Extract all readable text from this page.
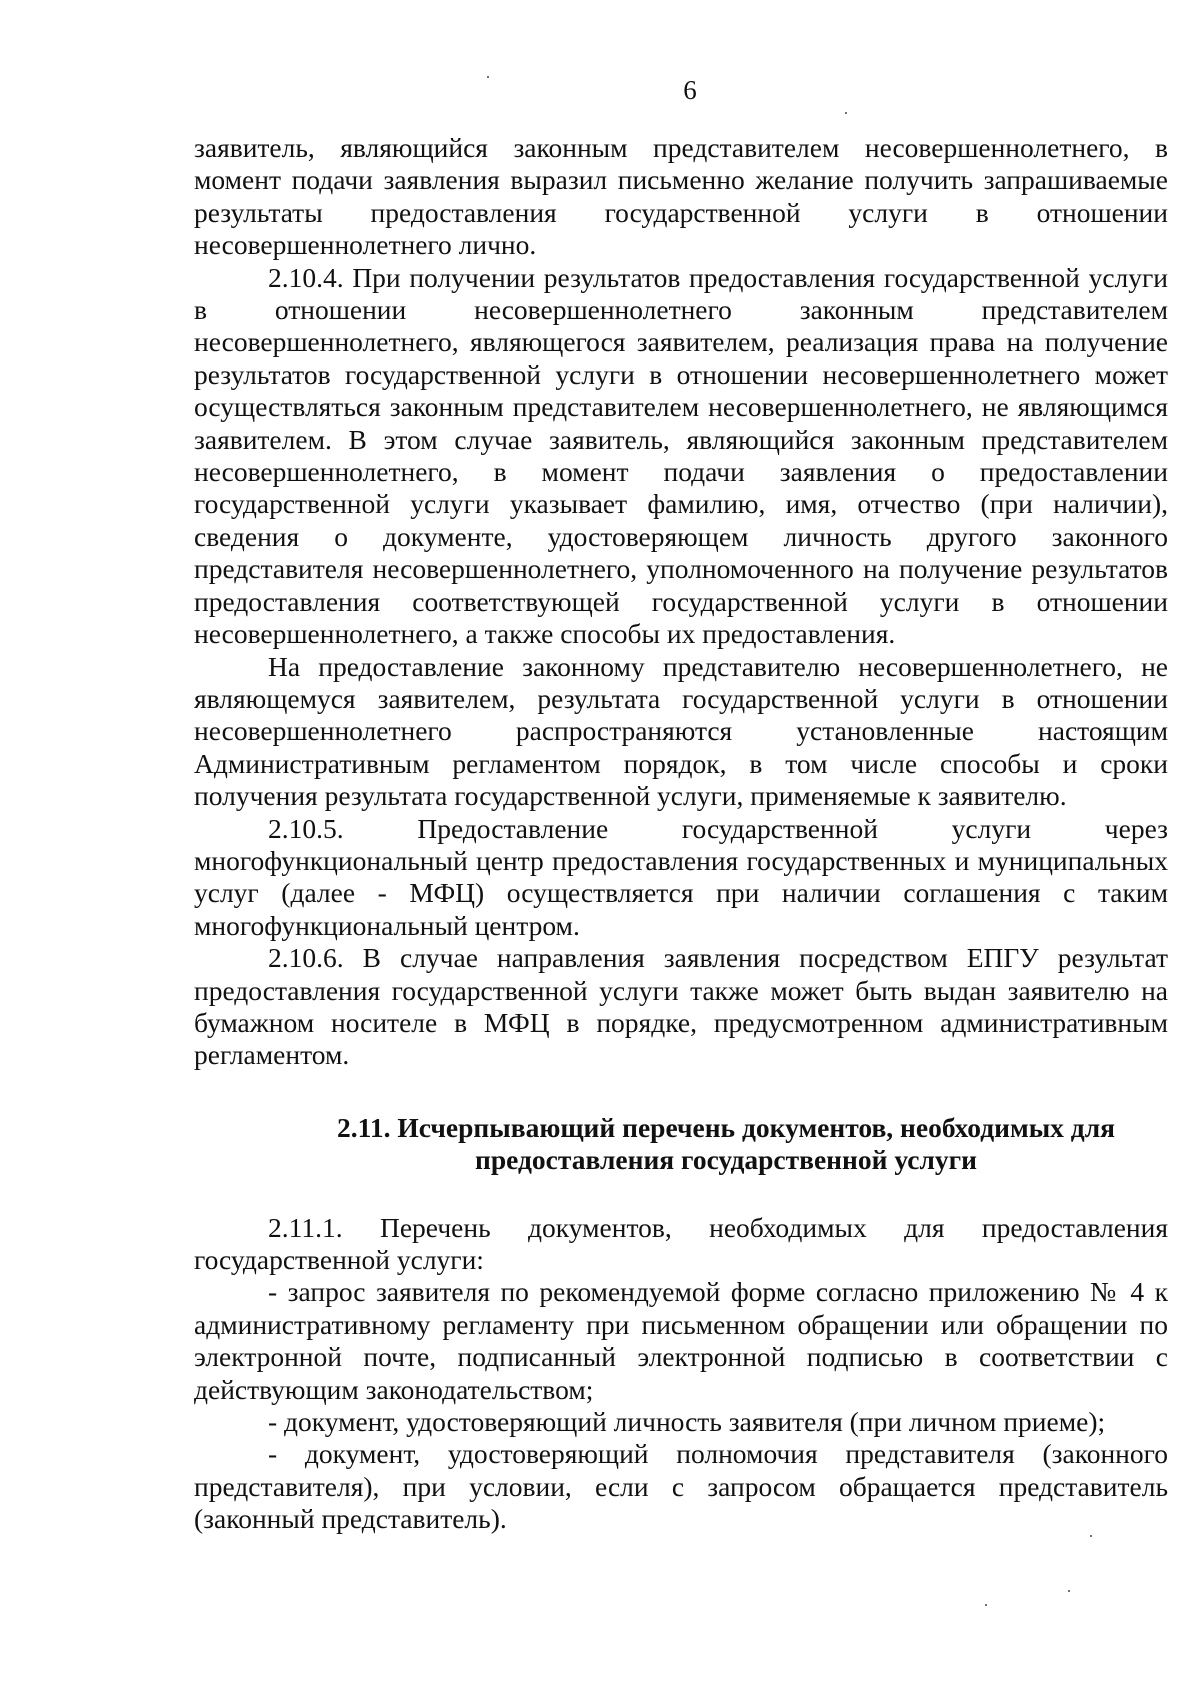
6

заявитель, являющийся законным представителем несовершеннолетнего, в момент подачи заявления выразил письменно желание получить запрашиваемые результаты предоставления государственной услуги в отношении несовершеннолетнего лично.

2.10.4. При получении результатов предоставления государственной услуги в отношении несовершеннолетнего законным представителем несовершеннолетнего, являющегося заявителем, реализация права на получение результатов государственной услуги в отношении несовершеннолетнего может осуществляться законным представителем несовершеннолетнего, не являющимся заявителем. В этом случае заявитель, являющийся законным представителем несовершеннолетнего, в момент подачи заявления о предоставлении государственной услуги указывает фамилию, имя, отчество (при наличии), сведения о документе, удостоверяющем личность другого законного представителя несовершеннолетнего, уполномоченного на получение результатов предоставления соответствующей государственной услуги в отношении несовершеннолетнего, а также способы их предоставления.

На предоставление законному представителю несовершеннолетнего, не являющемуся заявителем, результата государственной услуги в отношении несовершеннолетнего распространяются установленные настоящим Административным регламентом порядок, в том числе способы и сроки получения результата государственной услуги, применяемые к заявителю.

2.10.5. Предоставление государственной услуги через многофункциональный центр предоставления государственных и муниципальных услуг (далее - МФЦ) осуществляется при наличии соглашения с таким многофункциональный центром.

2.10.6. В случае направления заявления посредством ЕПГУ результат предоставления государственной услуги также может быть выдан заявителю на бумажном носителе в МФЦ в порядке, предусмотренном административным регламентом.

2.11. Исчерпывающий перечень документов, необходимых для
предоставления государственной услуги

2.11.1. Перечень документов, необходимых для предоставления государственной услуги:

- запрос заявителя по рекомендуемой форме согласно приложению № 4 к административному регламенту при письменном обращении или обращении по электронной почте, подписанный электронной подписью в соответствии с действующим законодательством;

- документ, удостоверяющий личность заявителя (при личном приеме);

- документ, удостоверяющий полномочия представителя (законного представителя), при условии, если с запросом обращается представитель (законный представитель).
